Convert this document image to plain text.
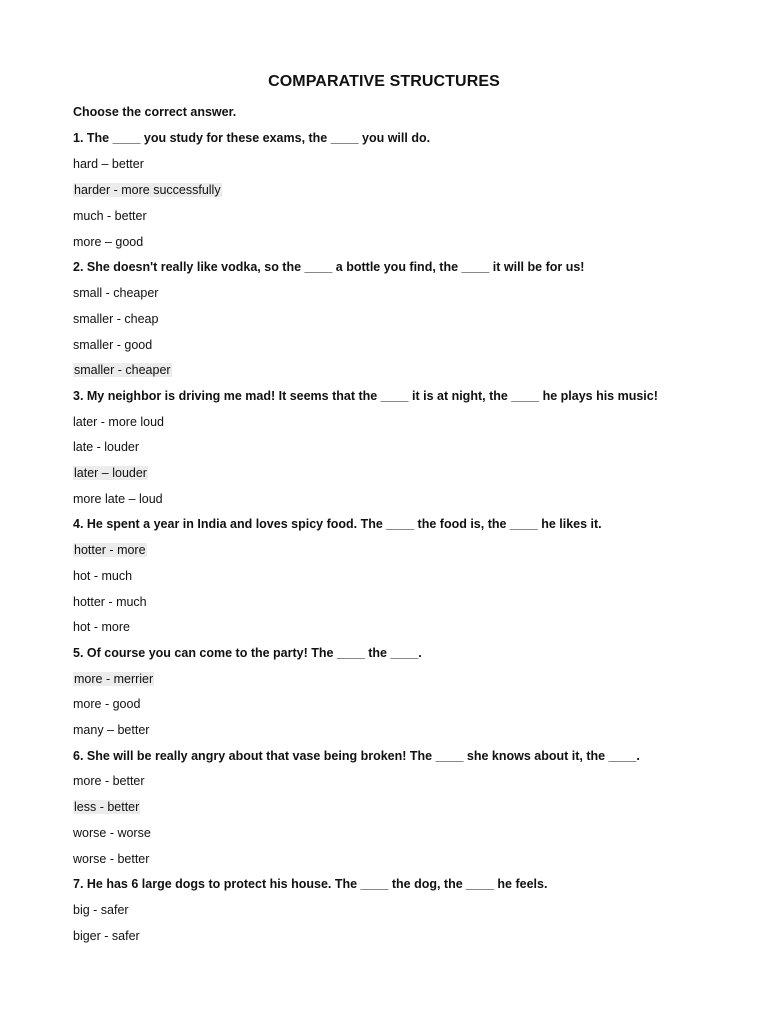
COMPARATIVE STRUCTURES
Choose the correct answer.
1. The ____ you study for these exams, the ____ you will do.
hard – better
harder - more successfully
much - better
more – good
2. She doesn't really like vodka, so the ____ a bottle you find, the ____ it will be for us!
small - cheaper
smaller - cheap
smaller - good
smaller - cheaper
3. My neighbor is driving me mad! It seems that the ____ it is at night, the ____ he plays his music!
later - more loud
late - louder
later – louder
more late – loud
4. He spent a year in India and loves spicy food. The ____ the food is, the ____ he likes it.
hotter - more
hot - much
hotter - much
hot - more
5. Of course you can come to the party! The ____ the ____.
more - merrier
more - good
many – better
6. She will be really angry about that vase being broken! The ____ she knows about it, the ____.
more - better
less - better
worse - worse
worse - better
7. He has 6 large dogs to protect his house. The ____ the dog, the ____ he feels.
big - safer
biger - safer
